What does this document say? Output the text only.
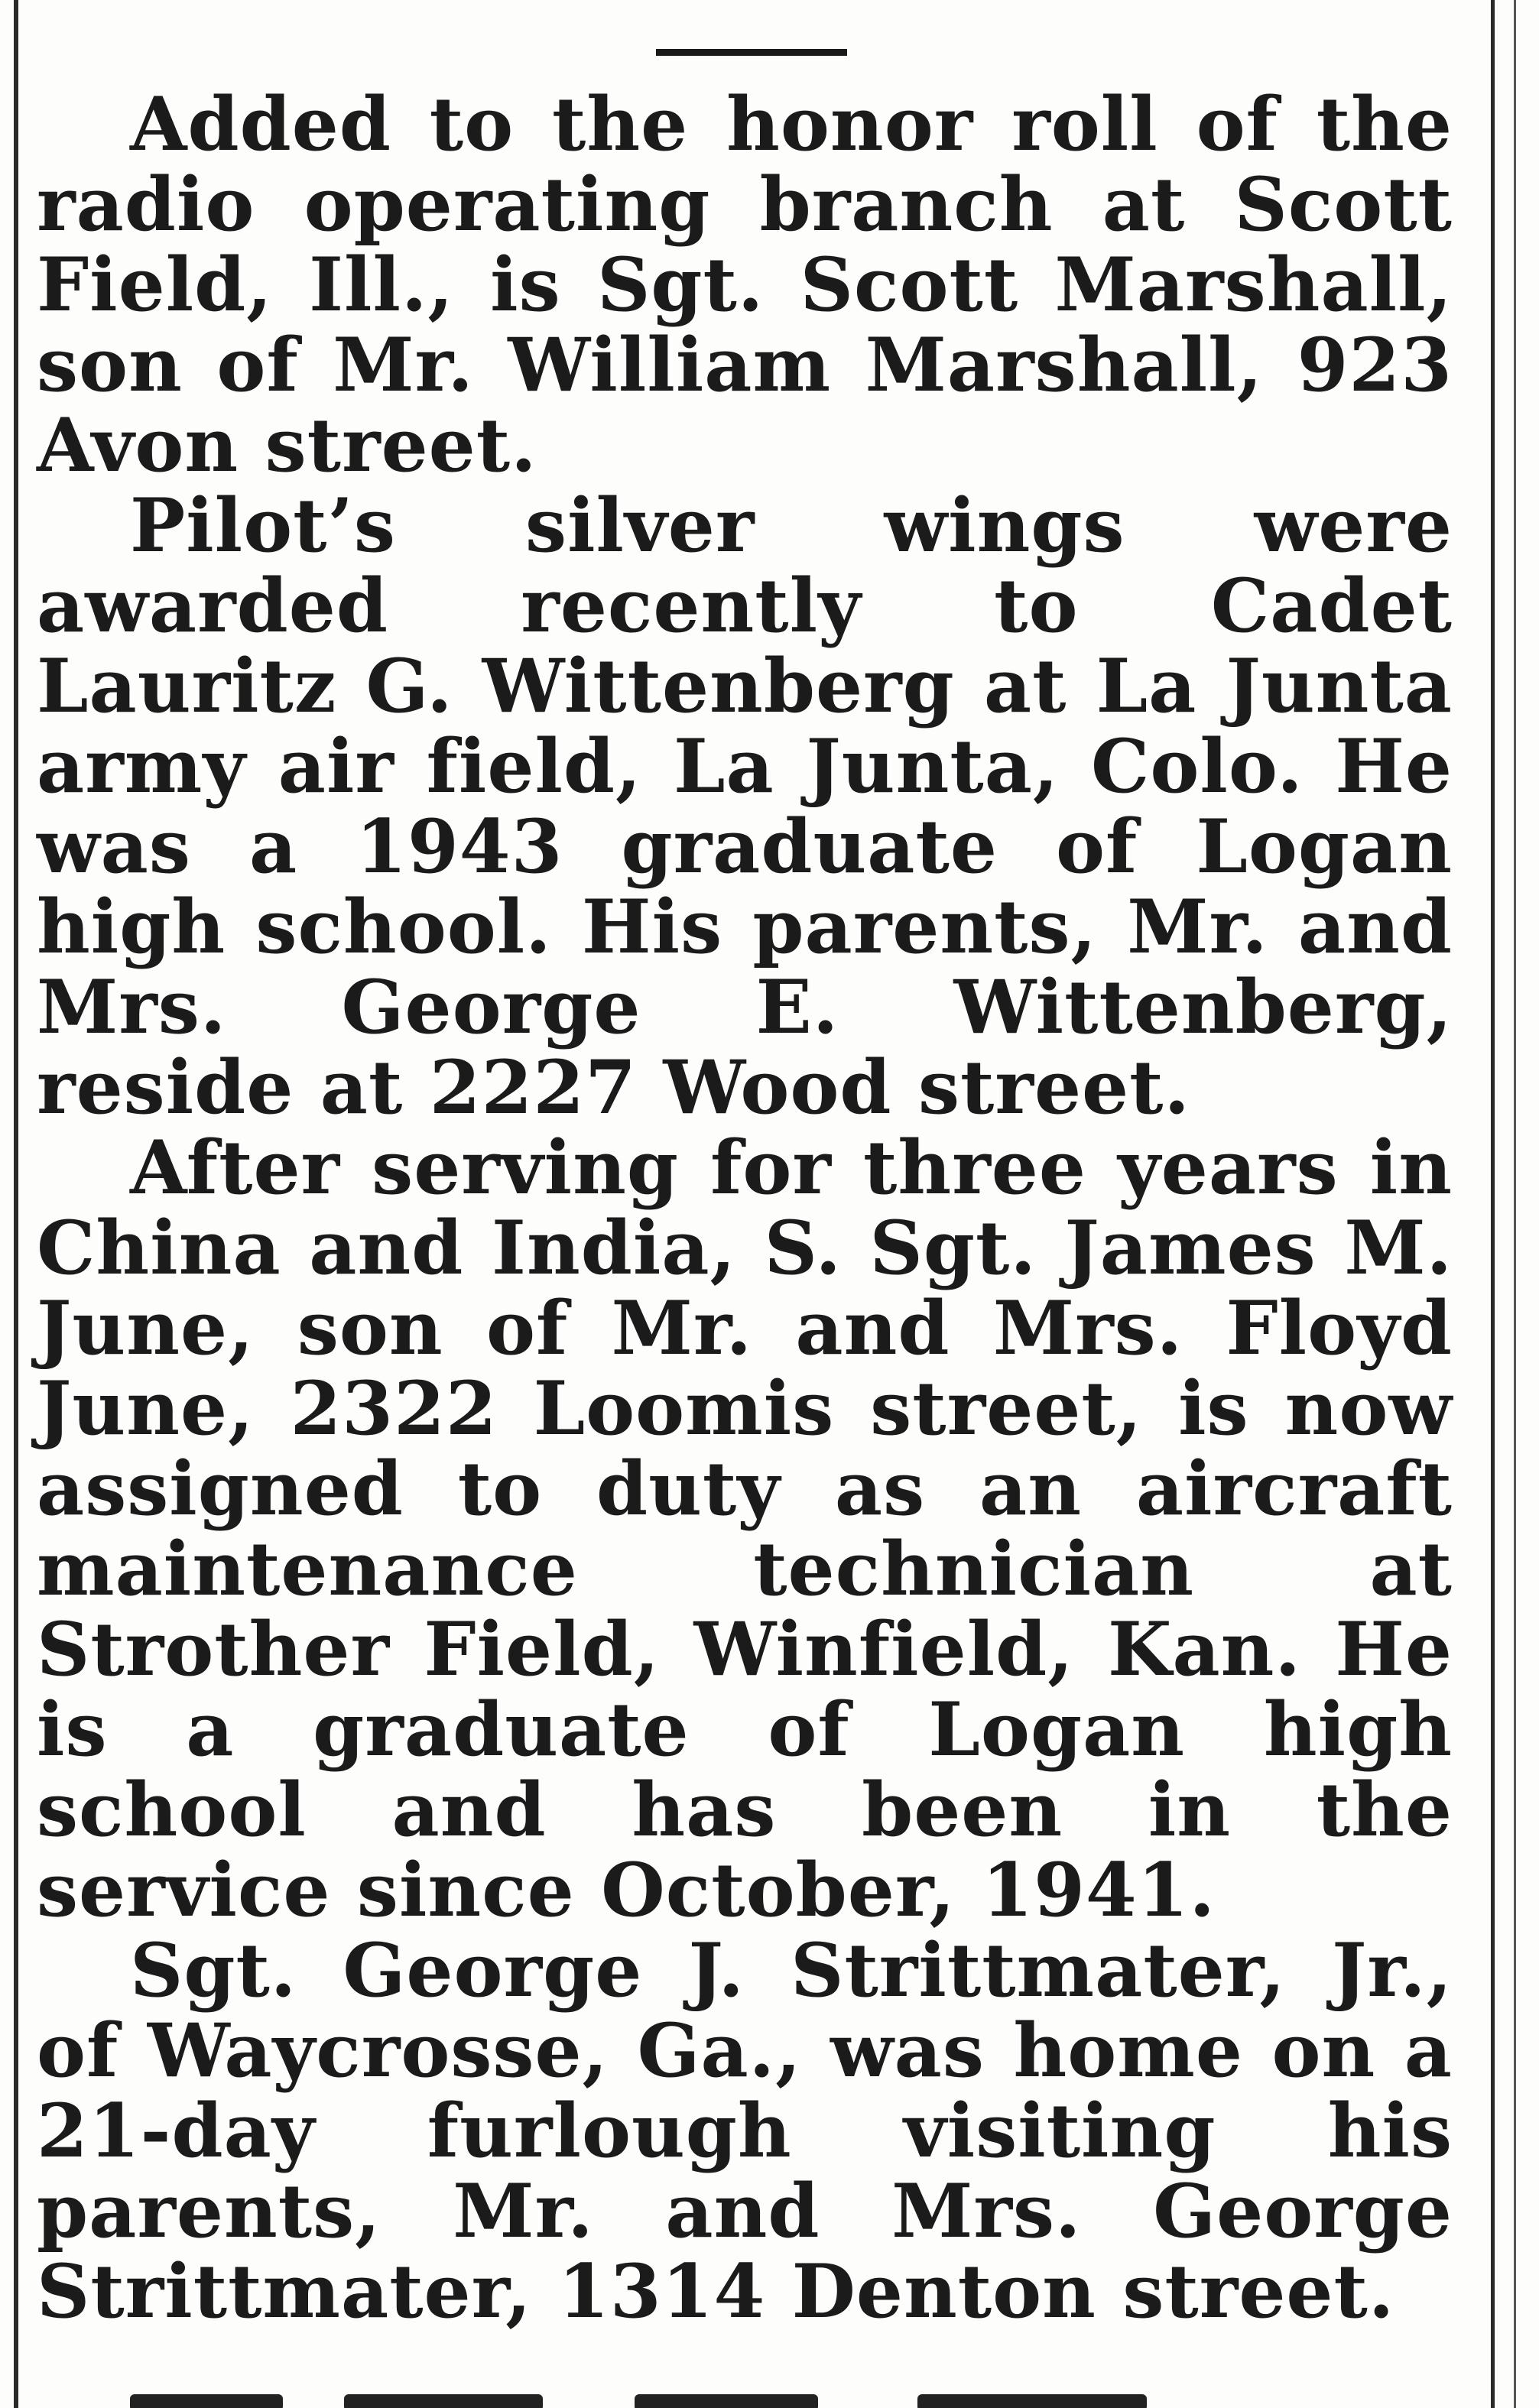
Added to the honor roll of the radio operating branch at Scott Field, Ill., is Sgt. Scott Marshall, son of Mr. William Marshall, 923 Avon street.

Pilot’s silver wings were awarded recently to Cadet Lauritz G. Wittenberg at La Junta army air field, La Junta, Colo. He was a 1943 graduate of Logan high school. His parents, Mr. and Mrs. George E. Wittenberg, reside at 2227 Wood street.

After serving for three years in China and India, S. Sgt. James M. June, son of Mr. and Mrs. Floyd June, 2322 Loomis street, is now assigned to duty as an aircraft maintenance technician at Strother Field, Winfield, Kan. He is a graduate of Logan high school and has been in the service since October, 1941.

Sgt. George J. Strittmater, Jr., of Waycrosse, Ga., was home on a 21-day furlough visiting his parents, Mr. and Mrs. George Strittmater, 1314 Denton street.
